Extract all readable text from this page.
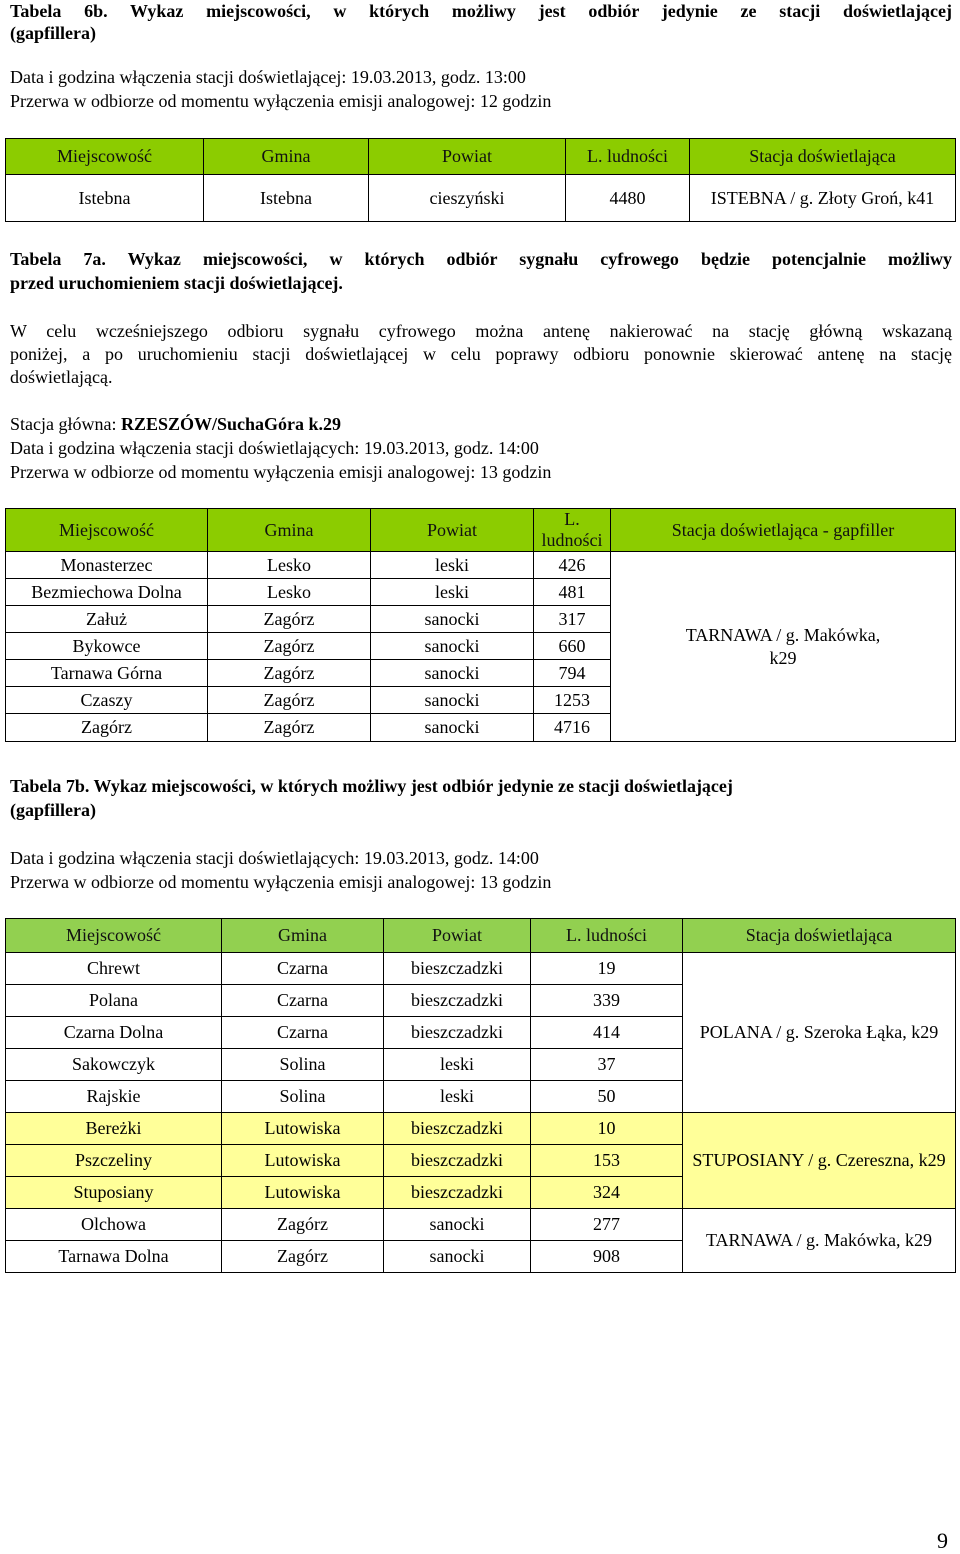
Tabela 6b. Wykaz miejscowości, w których możliwy jest odbiór jedynie ze stacji doświetlającej
(gapfillera)
Data i godzina włączenia stacji doświetlającej: 19.03.2013, godz. 13:00
Przerwa w odbiorze od momentu wyłączenia emisji analogowej: 12 godzin
Miejscowość	Gmina	Powiat	L. ludności	Stacja doświetlająca
Istebna	Istebna	cieszyński	4480	ISTEBNA / g. Złoty Groń, k41
Tabela 7a. Wykaz miejscowości, w których odbiór sygnału cyfrowego będzie potencjalnie możliwy
przed uruchomieniem stacji doświetlającej.
W celu wcześniejszego odbioru sygnału cyfrowego można antenę nakierować na stację główną wskazaną
poniżej, a po uruchomieniu stacji doświetlającej w celu poprawy odbioru ponownie skierować antenę na stację
doświetlającą.
Stacja główna: RZESZÓW/SuchaGóra k.29
Data i godzina włączenia stacji doświetlających: 19.03.2013, godz. 14:00
Przerwa w odbiorze od momentu wyłączenia emisji analogowej: 13 godzin
Miejscowość	Gmina	Powiat	L. ludności	Stacja doświetlająca - gapfiller
Monasterzec	Lesko	leski	426	TARNAWA / g. Makówka, k29
Bezmiechowa Dolna	Lesko	leski	481	
Załuż	Zagórz	sanocki	317	
Bykowce	Zagórz	sanocki	660	
Tarnawa Górna	Zagórz	sanocki	794	
Czaszy	Zagórz	sanocki	1253	
Zagórz	Zagórz	sanocki	4716	
Tabela 7b. Wykaz miejscowości, w których możliwy jest odbiór jedynie ze stacji doświetlającej
(gapfillera)
Data i godzina włączenia stacji doświetlających: 19.03.2013, godz. 14:00
Przerwa w odbiorze od momentu wyłączenia emisji analogowej: 13 godzin
Miejscowość	Gmina	Powiat	L. ludności	Stacja doświetlająca
Chrewt	Czarna	bieszczadzki	19	POLANA / g. Szeroka Łąka, k29
Polana	Czarna	bieszczadzki	339	
Czarna Dolna	Czarna	bieszczadzki	414	
Sakowczyk	Solina	leski	37	
Rajskie	Solina	leski	50	
Bereżki	Lutowiska	bieszczadzki	10	STUPOSIANY / g. Czereszna, k29
Pszczeliny	Lutowiska	bieszczadzki	153	
Stuposiany	Lutowiska	bieszczadzki	324	
Olchowa	Zagórz	sanocki	277	TARNAWA / g. Makówka, k29
Tarnawa Dolna	Zagórz	sanocki	908	
9
